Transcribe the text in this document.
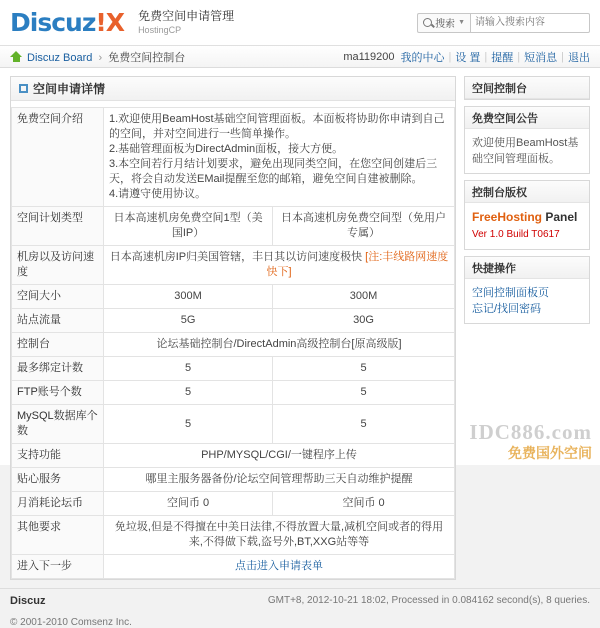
Discuz!X 免费空间申请管理
HostingCP	搜索 ▼
请输入搜索内容
Discuz Board › 免费空间控制台	ma119200 我的中心 | 设 置 | 提醒 | 短消息 | 退出
空间申请详情
免费空间介绍	1.欢迎使用BeamHost基础空间管理面板。本面板将协助你申请到自己的空间，并对空间进行一些简单操作。
2.基础管理面板为DirectAdmin面板，接大方便。
3.本空间若行月结计划要求，避免出现同类空间，在您空间创建后三天，将会自动发送EMail提醒至您的邮箱，避免空间自建被删除。
4.请遵守使用协议。	

空间计划类型	日本高速机房免费空间1型（美国IP）	日本高速机房免费空间型（免用户专属）
机房以及访问速度	日本高速机房IP归美国管辖，丰日其以访问速度极快 [注:丰线路网速度快下]	
空间大小	300M	300M
站点流量	5G	30G
控制台	论坛基础控制台/DirectAdmin高级控制台[原高级版]	
最多绑定计数	5	5
FTP账号个数	5	5
MySQL数据库个数	5	5
支持功能	PHP/MYSQL/CGI/一键程序上传	
贴心服务	哪里主服务器备份/论坛空间管理帮助三天自动维护提醒	
月消耗论坛币	空间币 0	空间币 0
其他要求	免垃圾,但是不得擅在中美日法律,不得放置大量,减机空间或者的得用来,不得做下载,盗号外,BT,XXG站等等	
进入下一步	点击进入申请表单	
空间控制台
免费空间公告
欢迎使用BeamHost基础空间管理面板。
控制台版权
FreeHosting Panel
Ver 1.0 Build T0617
快捷操作
空间控制面板页
忘记/找回密码
Discuz
© 2001-2010 Comsenz Inc.
GMT+8, 2012-10-21 18:02, Processed in 0.084162 second(s), 8 queries.
IDC886.com
免费国外空间
